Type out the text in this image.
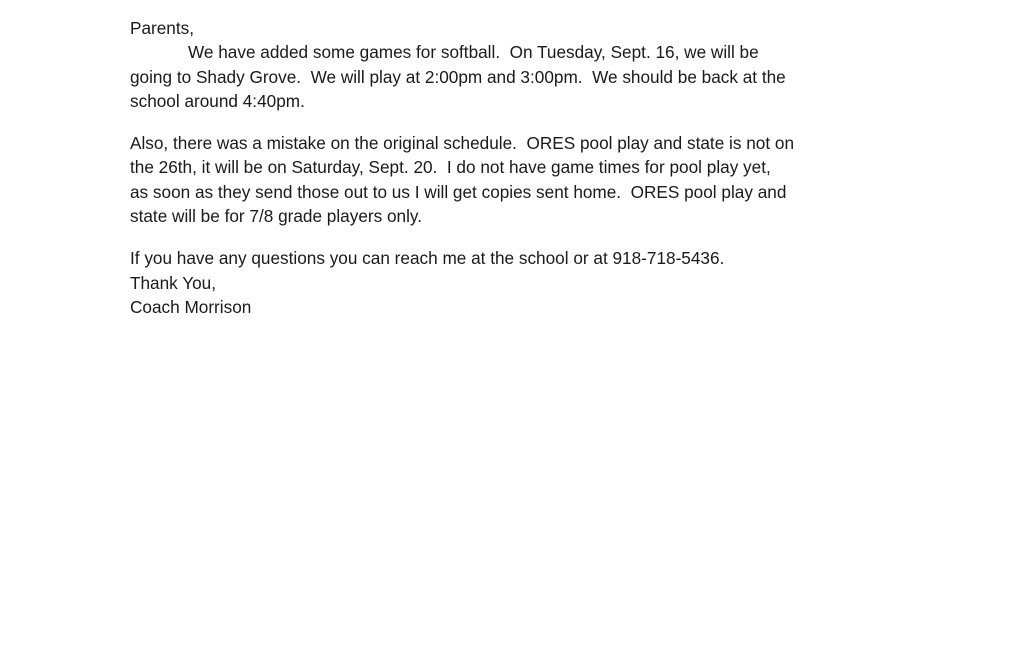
Parents,
We have added some games for softball.  On Tuesday, Sept. 16, we will be
going to Shady Grove.  We will play at 2:00pm and 3:00pm.  We should be back at the
school around 4:40pm.
Also, there was a mistake on the original schedule.  ORES pool play and state is not on
the 26th, it will be on Saturday, Sept. 20.  I do not have game times for pool play yet,
as soon as they send those out to us I will get copies sent home.  ORES pool play and
state will be for 7/8 grade players only.
If you have any questions you can reach me at the school or at 918-718-5436.
Thank You,
Coach Morrison
